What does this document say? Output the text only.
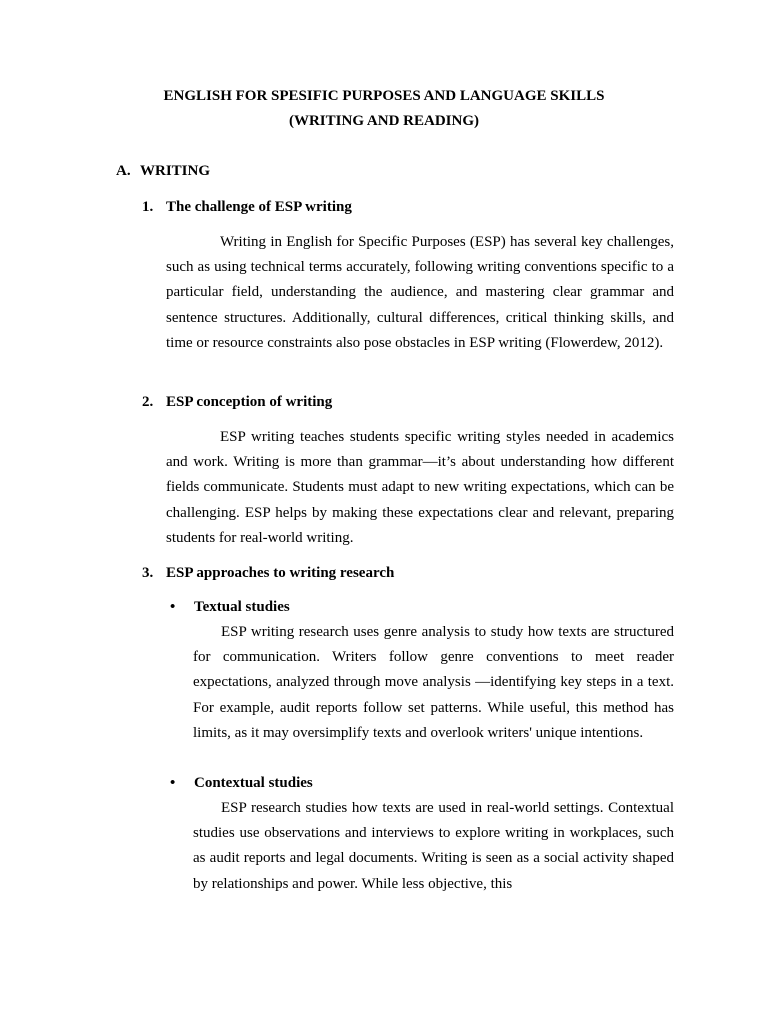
ENGLISH FOR SPESIFIC PURPOSES AND LANGUAGE SKILLS
(WRITING AND READING)
A. WRITING
1. The challenge of ESP writing

Writing in English for Specific Purposes (ESP) has several key challenges, such as using technical terms accurately, following writing conventions specific to a particular field, understanding the audience, and mastering clear grammar and sentence structures. Additionally, cultural differences, critical thinking skills, and time or resource constraints also pose obstacles in ESP writing (Flowerdew, 2012).

2. ESP conception of writing

ESP writing teaches students specific writing styles needed in academics and work. Writing is more than grammar—it’s about understanding how different fields communicate. Students must adapt to new writing expectations, which can be challenging. ESP helps by making these expectations clear and relevant, preparing students for real-world writing.

3. ESP approaches to writing research
• Textual studies

ESP writing research uses genre analysis to study how texts are structured for communication. Writers follow genre conventions to meet reader expectations, analyzed through move analysis —identifying key steps in a text. For example, audit reports follow set patterns. While useful, this method has limits, as it may oversimplify texts and overlook writers' unique intentions.

• Contextual studies

ESP research studies how texts are used in real-world settings. Contextual studies use observations and interviews to explore writing in workplaces, such as audit reports and legal documents. Writing is seen as a social activity shaped by relationships and power. While less objective, this
